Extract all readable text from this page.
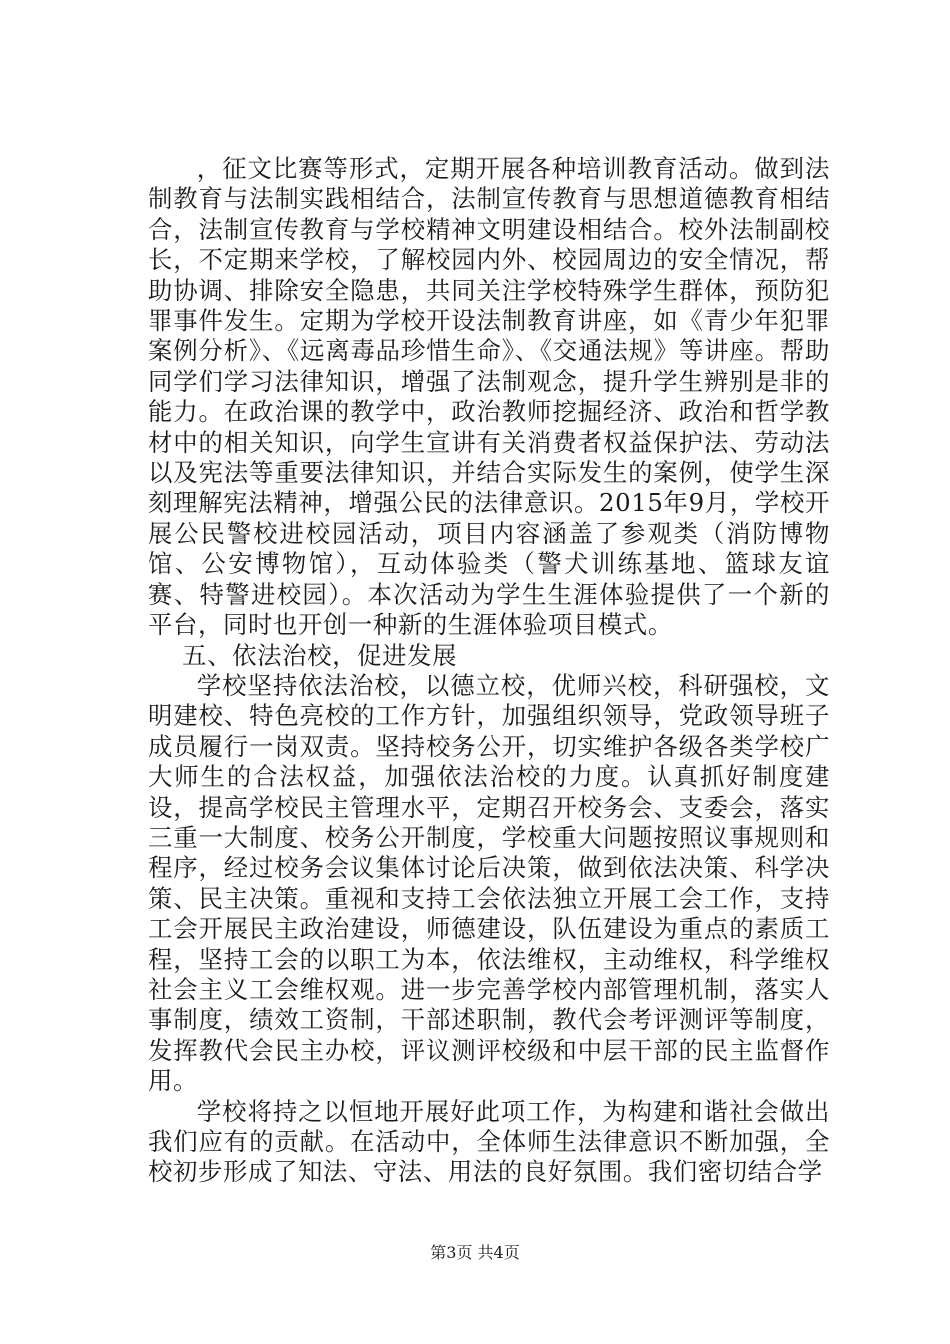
，征文比赛等形式，定期开展各种培训教育活动。做到法制教育与法制实践相结合，法制宣传教育与思想道德教育相结合，法制宣传教育与学校精神文明建设相结合。校外法制副校长，不定期来学校，了解校园内外、校园周边的安全情况，帮助协调、排除安全隐患，共同关注学校特殊学生群体，预防犯罪事件发生。定期为学校开设法制教育讲座，如《青少年犯罪案例分析》、《远离毒品珍惜生命》、《交通法规》等讲座。帮助同学们学习法律知识，增强了法制观念，提升学生辨别是非的能力。在政治课的教学中，政治教师挖掘经济、政治和哲学教材中的相关知识，向学生宣讲有关消费者权益保护法、劳动法以及宪法等重要法律知识，并结合实际发生的案例，使学生深刻理解宪法精神，增强公民的法律意识。2015年9月，学校开展公民警校进校园活动，项目内容涵盖了参观类（消防博物馆、公安博物馆），互动体验类（警犬训练基地、篮球友谊赛、特警进校园）。本次活动为学生生涯体验提供了一个新的平台，同时也开创一种新的生涯体验项目模式。

五、依法治校，促进发展

学校坚持依法治校，以德立校，优师兴校，科研强校，文明建校、特色亮校的工作方针，加强组织领导，党政领导班子成员履行一岗双责。坚持校务公开，切实维护各级各类学校广大师生的合法权益，加强依法治校的力度。认真抓好制度建设，提高学校民主管理水平，定期召开校务会、支委会，落实三重一大制度、校务公开制度，学校重大问题按照议事规则和程序，经过校务会议集体讨论后决策，做到依法决策、科学决策、民主决策。重视和支持工会依法独立开展工会工作，支持工会开展民主政治建设，师德建设，队伍建设为重点的素质工程，坚持工会的以职工为本，依法维权，主动维权，科学维权社会主义工会维权观。进一步完善学校内部管理机制，落实人事制度，绩效工资制，干部述职制，教代会考评测评等制度，发挥教代会民主办校，评议测评校级和中层干部的民主监督作用。

学校将持之以恒地开展好此项工作，为构建和谐社会做出我们应有的贡献。在活动中，全体师生法律意识不断加强，全校初步形成了知法、守法、用法的良好氛围。我们密切结合学

第3页 共4页
